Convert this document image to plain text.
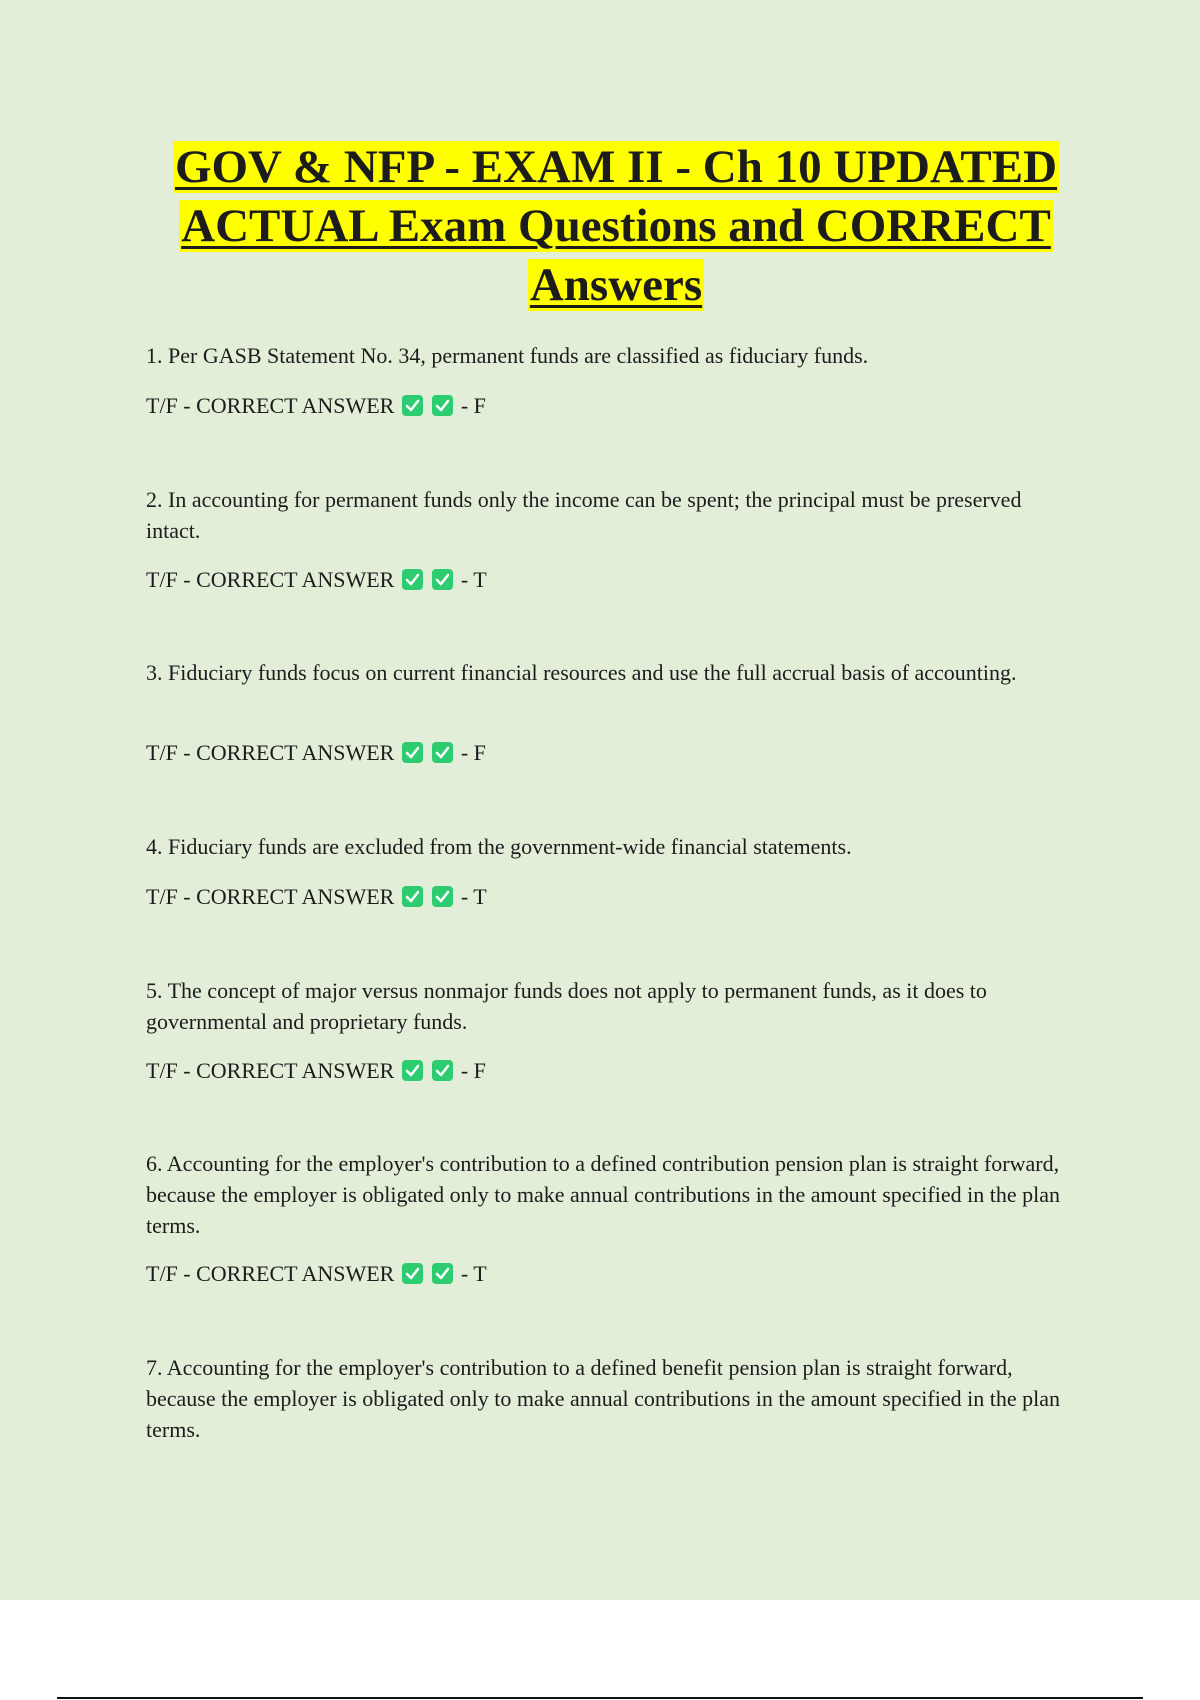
GOV & NFP - EXAM II - Ch 10 UPDATED
ACTUAL Exam Questions and CORRECT
Answers

1. Per GASB Statement No. 34, permanent funds are classified as fiduciary funds.

T/F - CORRECT ANSWER
	- F

2. In accounting for permanent funds only the income can be spent; the principal must be preserved intact.

T/F - CORRECT ANSWER
	- T

3. Fiduciary funds focus on current financial resources and use the full accrual basis of accounting.

T/F - CORRECT ANSWER
	- F

4. Fiduciary funds are excluded from the government-wide financial statements.

T/F - CORRECT ANSWER
	- T

5. The concept of major versus nonmajor funds does not apply to permanent funds, as it does to governmental and proprietary funds.

T/F - CORRECT ANSWER
	- F

6. Accounting for the employer's contribution to a defined contribution pension plan is straight forward, because the employer is obligated only to make annual contributions in the amount specified in the plan terms.

T/F - CORRECT ANSWER
	- T

7. Accounting for the employer's contribution to a defined benefit pension plan is straight forward, because the employer is obligated only to make annual contributions in the amount specified in the plan terms.
